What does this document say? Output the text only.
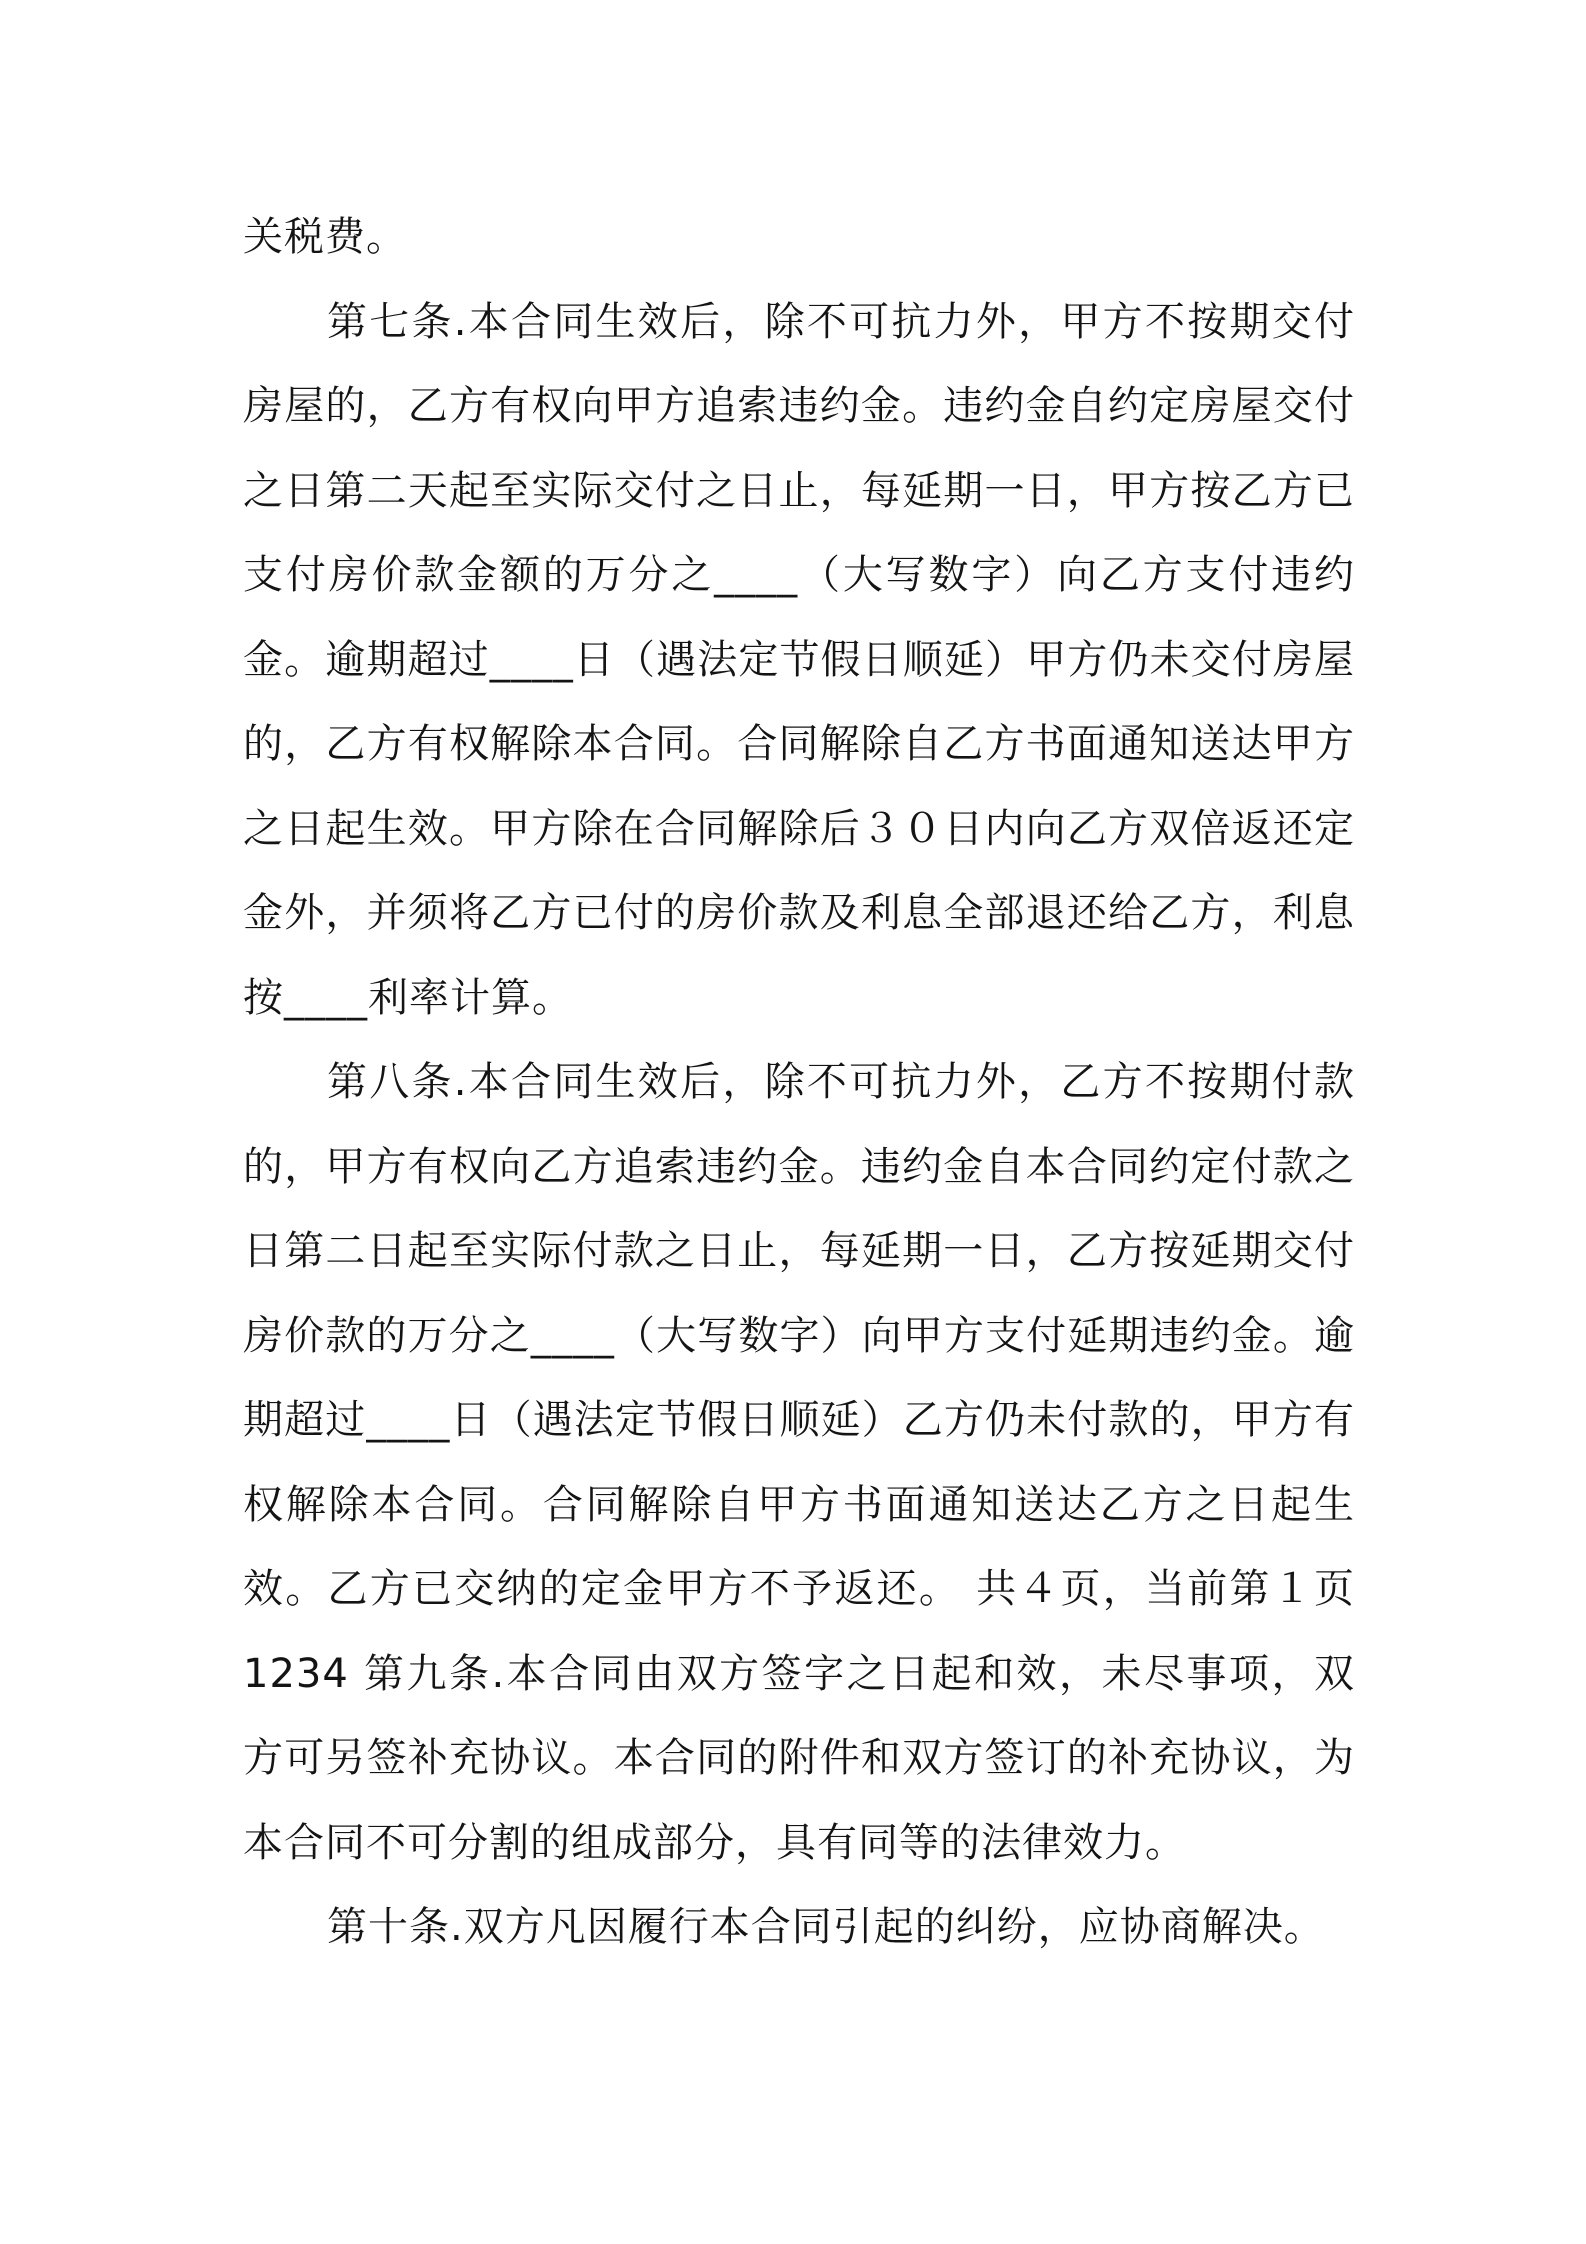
关税费。

第七条.本合同生效后，除不可抗力外，甲方不按期交付房屋的，乙方有权向甲方追索违约金。违约金自约定房屋交付之日第二天起至实际交付之日止，每延期一日，甲方按乙方已支付房价款金额的万分之____（大写数字）向乙方支付违约金。逾期超过____日（遇法定节假日顺延）甲方仍未交付房屋的，乙方有权解除本合同。合同解除自乙方书面通知送达甲方之日起生效。甲方除在合同解除后３０日内向乙方双倍返还定金外，并须将乙方已付的房价款及利息全部退还给乙方，利息按____利率计算。

第八条.本合同生效后，除不可抗力外，乙方不按期付款的，甲方有权向乙方追索违约金。违约金自本合同约定付款之日第二日起至实际付款之日止，每延期一日，乙方按延期交付房价款的万分之____（大写数字）向甲方支付延期违约金。逾期超过____日（遇法定节假日顺延）乙方仍未付款的，甲方有权解除本合同。合同解除自甲方书面通知送达乙方之日起生效。乙方已交纳的定金甲方不予返还。 共４页，当前第１页1234 第九条.本合同由双方签字之日起和效，未尽事项，双方可另签补充协议。本合同的附件和双方签订的补充协议，为本合同不可分割的组成部分，具有同等的法律效力。

第十条.双方凡因履行本合同引起的纠纷，应协商解决。
